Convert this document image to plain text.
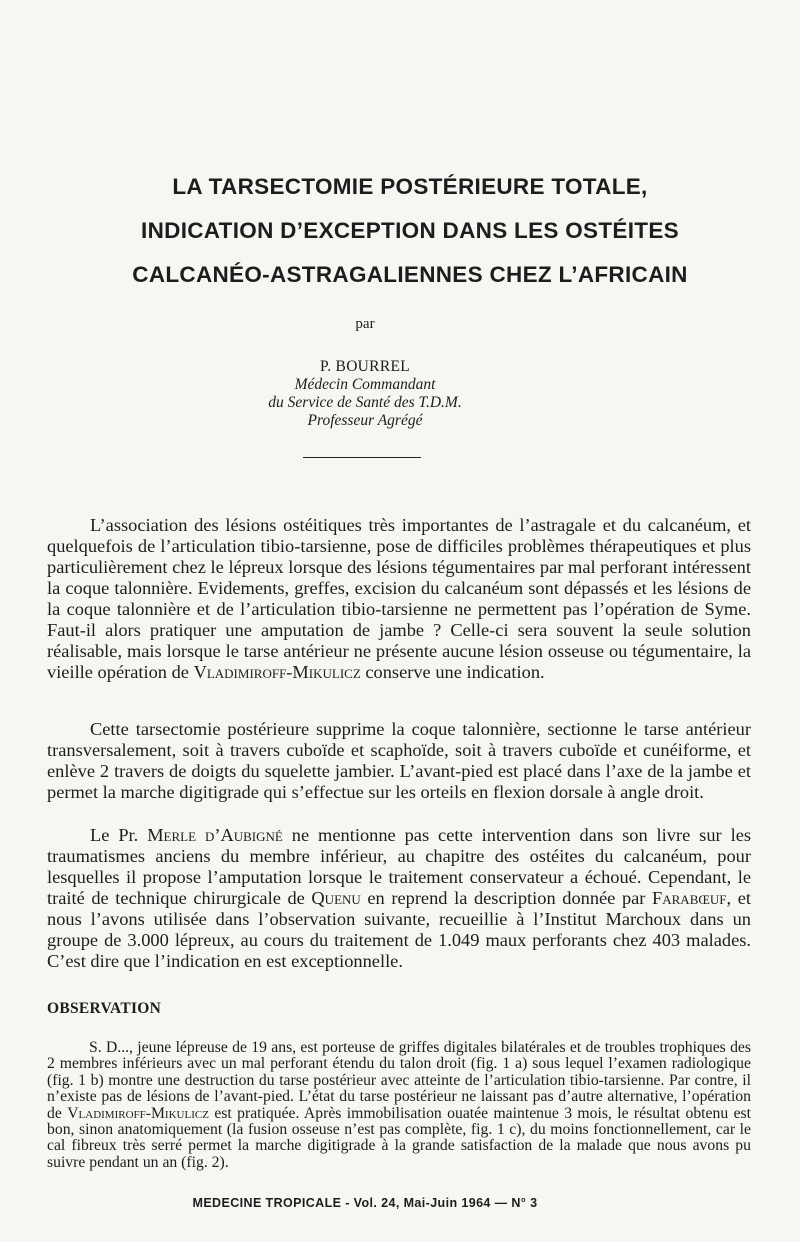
LA TARSECTOMIE POSTÉRIEURE TOTALE,
INDICATION D’EXCEPTION DANS LES OSTÉITES
CALCANÉO-ASTRAGALIENNES CHEZ L’AFRICAIN
par
P. BOURREL
Médecin Commandant
du Service de Santé des T.D.M.
Professeur Agrégé

L’association des lésions ostéitiques très importantes de l’astragale et du calcanéum, et quelquefois de l’articulation tibio-tarsienne, pose de difficiles problèmes thérapeutiques et plus particulièrement chez le lépreux lorsque des lésions tégumentaires par mal perforant intéressent la coque talonnière. Evidements, greffes, excision du calcanéum sont dépassés et les lésions de la coque talonnière et de l’articulation tibio-tarsienne ne permettent pas l’opération de Syme. Faut-il alors pratiquer une amputation de jambe ? Celle-ci sera souvent la seule solution réalisable, mais lorsque le tarse antérieur ne présente aucune lésion osseuse ou tégumentaire, la vieille opération de Vladimiroff-Mikulicz conserve une indication.

Cette tarsectomie postérieure supprime la coque talonnière, sectionne le tarse antérieur transversalement, soit à travers cuboïde et scaphoïde, soit à travers cuboïde et cunéiforme, et enlève 2 travers de doigts du squelette jambier. L’avant-pied est placé dans l’axe de la jambe et permet la marche digitigrade qui s’effectue sur les orteils en flexion dorsale à angle droit.

Le Pr. Merle d’Aubigné ne mentionne pas cette intervention dans son livre sur les traumatismes anciens du membre inférieur, au chapitre des ostéites du calcanéum, pour lesquelles il propose l’amputation lorsque le traitement conservateur a échoué. Cependant, le traité de technique chirurgicale de Quenu en reprend la description donnée par Farabœuf, et nous l’avons utilisée dans l’observation suivante, recueillie à l’Institut Marchoux dans un groupe de 3.000 lépreux, au cours du traitement de 1.049 maux perforants chez 403 malades. C’est dire que l’indication en est exceptionnelle.

OBSERVATION

S. D..., jeune lépreuse de 19 ans, est porteuse de griffes digitales bilatérales et de troubles trophiques des 2 membres inférieurs avec un mal perforant étendu du talon droit (fig. 1 a) sous lequel l’examen radiologique (fig. 1 b) montre une destruction du tarse postérieur avec atteinte de l’articulation tibio-tarsienne. Par contre, il n’existe pas de lésions de l’avant-pied. L’état du tarse postérieur ne laissant pas d’autre alternative, l’opération de Vladimiroff-Mikulicz est pratiquée. Après immobilisation ouatée maintenue 3 mois, le résultat obtenu est bon, sinon anatomiquement (la fusion osseuse n’est pas complète, fig. 1 c), du moins fonctionnellement, car le cal fibreux très serré permet la marche digitigrade à la grande satisfaction de la malade que nous avons pu suivre pendant un an (fig. 2).

MEDECINE TROPICALE - Vol. 24, Mai-Juin 1964 — N° 3
